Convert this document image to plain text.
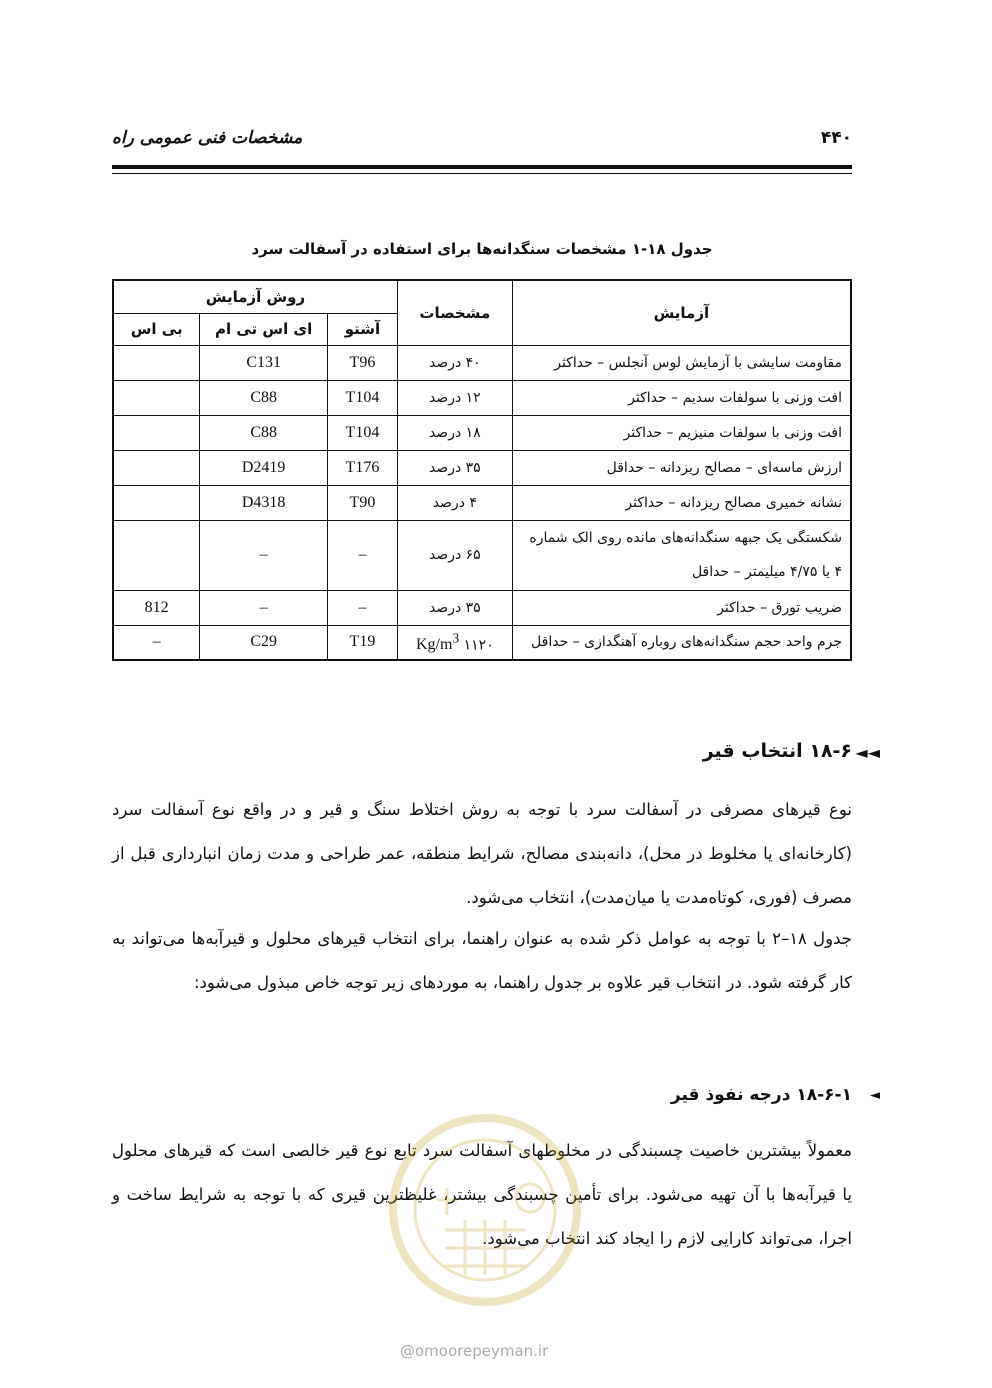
مشخصات فنی عمومی راه	۴۴۰
جدول ۱۸-۱ مشخصات سنگدانه‌ها برای استفاده در آسفالت سرد
آزمایش	مشخصات	روش آزمایش		
		آشتو	ای اس تی ام	بی اس
مقاومت سایشی با آزمایش لوس آنجلس – حداکثر	۴۰ درصد	T96	C131	
افت وزنی با سولفات سدیم – حداکثر	۱۲ درصد	T104	C88	
افت وزنی با سولفات منیزیم – حداکثر	۱۸ درصد	T104	C88	
ارزش ماسه‌ای – مصالح ریزدانه – حداقل	۳۵ درصد	T176	D2419	
نشانه خمیری مصالح ریزدانه – حداکثر	۴ درصد	T90	D4318	

شکستگی یک جبهه سنگدانه‌های مانده روی الک شماره
۴ یا ۴/۷۵ میلیمتر – حداقل	۶۵ درصد	–	–	
ضریب تورق – حداکثر	۳۵ درصد	–	–	812
جرم واحد حجم سنگدانه‌های روباره آهنگدازی – حداقل	۱۱۲۰ $Kg/m^3$	T19	C29	–
◄◄
۱۸-۶ انتخاب قیر

نوع قیرهای مصرفی در آسفالت سرد با توجه به روش اختلاط سنگ و قیر و در واقع نوع آسفالت سرد (کارخانه‌ای یا مخلوط در محل)، دانه‌بندی مصالح، شرایط منطقه، عمر طراحی و مدت زمان انبارداری قبل از مصرف (فوری، کوتاه‌مدت یا میان‌مدت)، انتخاب می‌شود.

جدول ۱۸–۲ با توجه به عوامل ذکر شده به عنوان راهنما، برای انتخاب قیرهای محلول و قیرآبه‌ها می‌تواند به کار گرفته شود. در انتخاب قیر علاوه بر جدول راهنما، به موردهای زیر توجه خاص مبذول می‌شود:

◄
۱۸-۶-۱ درجه نفوذ قیر

معمولاً بیشترین خاصیت چسبندگی در مخلوطهای آسفالت سرد تابع نوع قیر خالصی است که قیرهای محلول یا قیرآبه‌ها با آن تهیه می‌شود. برای تأمین چسبندگی بیشتر، غلیظترین قیری که با توجه به شرایط ساخت و اجرا، می‌تواند کارایی لازم را ایجاد کند انتخاب می‌شود.

@omoorepeyman.ir
